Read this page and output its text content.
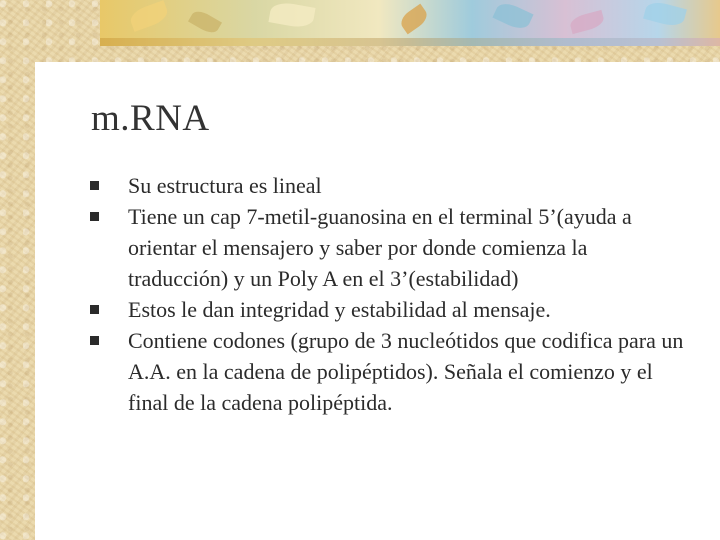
m.RNA
Su estructura es lineal
Tiene un cap 7-metil-guanosina en el terminal 5’(ayuda a orientar el mensajero y saber por donde comienza la traducción) y un Poly A en el 3’(estabilidad)
Estos le dan integridad y estabilidad al mensaje.
Contiene codones (grupo de 3 nucleótidos que codifica para un A.A. en la cadena de polipéptidos). Señala el comienzo y el final de la cadena polipéptida.
